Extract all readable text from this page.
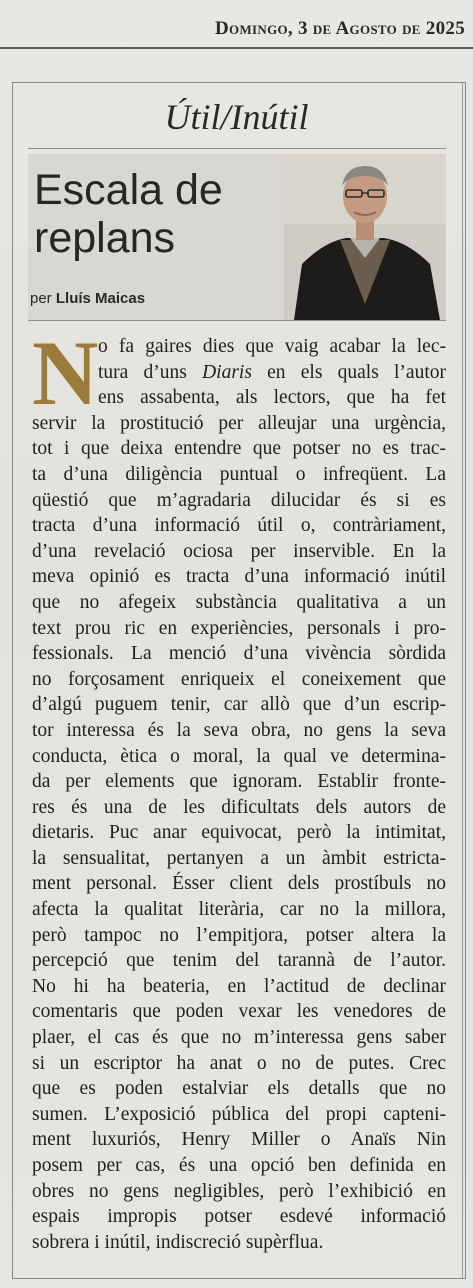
Domingo, 3 de Agosto de 2025
Útil/Inútil
Escala de
replans
per Lluís Maicas
N o fa gaires dies que vaig acabar la lec-
tura d’uns Diaris en els quals l’autor
ens assabenta, als lectors, que ha fet
servir la prostitució per alleujar una urgència,
tot i que deixa entendre que potser no es trac-
ta d’una diligència puntual o infreqüent. La
qüestió que m’agradaria dilucidar és si es
tracta d’una informació útil o, contràriament,
d’una revelació ociosa per inservible. En la
meva opinió es tracta d’una informació inútil
que no afegeix substància qualitativa a un
text prou ric en experiències, personals i pro-
fessionals. La menció d’una vivència sòrdida
no forçosament enriqueix el coneixement que
d’algú puguem tenir, car allò que d’un escrip-
tor interessa és la seva obra, no gens la seva
conducta, ètica o moral, la qual ve determina-
da per elements que ignoram. Establir fronte-
res és una de les dificultats dels autors de
dietaris. Puc anar equivocat, però la intimitat,
la sensualitat, pertanyen a un àmbit estricta-
ment personal. Ésser client dels prostíbuls no
afecta la qualitat literària, car no la millora,
però tampoc no l’empitjora, potser altera la
percepció que tenim del tarannà de l’autor.
No hi ha beateria, en l’actitud de declinar
comentaris que poden vexar les venedores de
plaer, el cas és que no m’interessa gens saber
si un escriptor ha anat o no de putes. Crec
que es poden estalviar els detalls que no
sumen. L’exposició pública del propi capteni-
ment luxuriós, Henry Miller o Anaïs Nin
posem per cas, és una opció ben definida en
obres no gens negligibles, però l’exhibició en
espais impropis potser esdevé informació
sobrera i inútil, indiscreció supèrflua.
